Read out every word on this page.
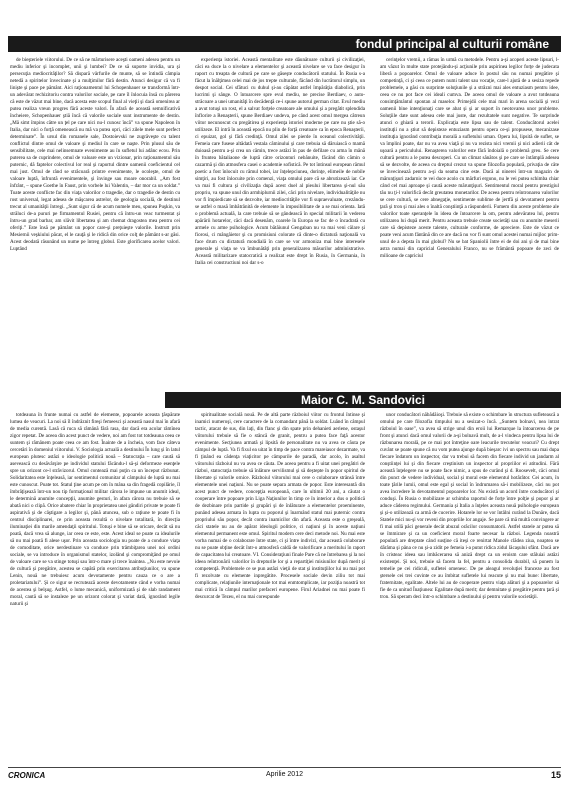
fondul principal al culturii române

de bieşteriele viitorului. De ce să ne mărturisere aceşti oameni adesea pentru un mediu inferior şi incomplet, unii şi lumbei? De ce să suporte invidia, ura şi persecuţia mediocrităţilor? Să dispară vârfurile de munte, să se întindă câmpia netedă a spiritelor învecinate şi a mulţimilor fără destin. Atunci desigur că va fi linişte şi pace pe pământ. Aici raţionamentul lui Schopenhauer se transformă într-un adevărat rechizitoriu contra valorilor sociale, pe care îl înlocuia însă cu părerea că este de văzut mai bine, dacă acesta este scopul final al vieţii şi dacă omenirea ar putea realiza vreun progres fără aceste valori. În afară de această semnificativă încheiere, Schopenhauer ştiă încă că valorile sociale sunt instrumente de destin. „Mă simt împins către un ţel pe care nici nu-l cunosc încă” va spune Napoleon în Italia, dar nici o forţă omenească nu mă va putea opri, căci zilele mele sunt perfect determinate”. În ursul din romanele sale, Dostoievski ne zugrăveşte cu talent conflictul dintre omul de valoare şi mediul în care se naşte. Prin plusul său de sensibilitate, cele mai nelinsemnate evenimente au în sufletul lui adânc ecou. Prin puterea sa de cuprindere, omul de valoare este un vizionar, prin raţionamentul său puternic, dă faptelor colectivul lor real şi raportul dintre oamenii coeficientul cel mai just. Omul de rând se străcoară printre evenimente, le ocoleşte, omul de valoare luptă, înfruntă evenimentele, şi învinge sau moare onorabil. „Am fost înfrânt, – spune Goethe în Faust, prin vorbele lui Valentin, – dar mor ca un soldat.” Toate aceste conflicte fac din viaţa valorilor o tragedie, dar o tragedie de destin cu rost universal, legat adesea de măşcarea astrelor, de geologia socială, de destinul trecut al umanităţii întregi. „Sunt sigur că de acum numele meu, spunea Puşkin, va străluci de-a pururi pe firmamentul Rusiei, pentru că întru-un veac turmentat şi întru-un grad barbar, am slăvit libertatea şi am chemat dragostea mea pentru cei oferiţi.” Este însă pe pământ un popor care-şi preţuieşte valorile. Instrutt prin Mesiernii veşkiului păcat, el le cauţă şi le ridică din orice colţ de pământ s-ar găsi. Acest deodată răsunând un nume pe întreg globul. Este glorificarea acelor valori. Luptând

experienţa istoriei. Această mentalitate este dăunătoare culturii şi civilizaţiei, căci ea duce la o nivelare a elementelor şi această nivelare se va face desigur în raport cu treapta de cultură pe care se găseşte conducătorii statului. În Rusia s-a făcut la înălţimea celei mai de jos trepte culturale, făcând din lucrătorul simplu, un despot social. Cei sfătuci cu duhul şi-au căpătat astfel împărăţia diabolică, prin lucrimi şi sânge. O întoarcere spre evul mediu, ne precise Berdiaev, o auto-străcoare a unei umanităţi în decădenţă ce-i spune autorul german citat. Evul mediu a avut totuşi un rost, el a salvat forţele creatoare ale omului şi a pregătit splendida înflorire a Renaşterii, spune Berdiaev undeva, pe când acest omul mergea cătreun viitor necunoscut cu pregătirea şi experienţa istoriei moderne pe care nu ştie să-o utilizeze. El intră în această epocă nu plin de forţă creatoare ca în epoca Renaşterii, ci epuizat, gol şi fără credinţă. Omul zilei se pierde în oceanul colectivităţii. Femeia care fusese altădată vestala căminului şi care trebuia să dăruiască o mamă duioasă pentru a-şi crea un cămin, trece astăzi în pas de defilare cu arma în mână în fruntea bătaliaone de luptă către orizonturi nebănuite, făcând din cămin o cazarmă şi din atmosfera casei o academie sofistică. Pe tot întinsul european rămul poetic a fost înlocuit cu rămul tobei, iar înţelepciunea, dorinţe, elimeile de nobile simţiri, au fost înlocuite prin comenzi, viaţa omului pare că se abrutizează iar. Ce va mai fi cultura şi civilizaţia după acest duel al pieului libertarea şi-nul său propriu, va spune unul din armhiplurnii zilei, căci prin nivelare, individualităţile nu vor fi împiedicate să se dezvolte, iar mediocrităţile vor fi supraevaluate, crezându-se astfel o masă îmbătrânită de elemente în imposibilitate de a se mai orienta. Iată o problemă actuală, la care trebuie să se gândească în special militarii în vederea apărării hotarelor, căci dacă desenăm, coarele în Europa se fac de o încadrată cu armele cu arme psihologice. Acum bătăiunul Gengaban nu va mai veni călare şi fiorosi, ci mângâietor şi cu promisiuni colorate că dinte-o dictatură naţională va face drum cu dictatură mondială în care se vor armoniza mai bine interesele generale şi viaţa se va îmbunătăţi prin generalizarea măsurilor administrative. Această militarizare statocratică a realizat este drept în Rusia, în Germania, în Italia cei constructiuni noi dar s-o

cerinţelor vremii, a rămas în urmă cu metodele. Pentru a-şi acoperi aceste lipsuri, l-am văzut în multe state protejându-şi acţiunile prin aspirinea legilor forţe de judecata liberă a popoarelor. Omul de valoare aduce în postul său nu numai pregătire şi competinţă, ci şi ceea ce putem numi talent sau vocaţie, care-l ajută de a sesiza repede problemele, a găsi cu surprinte soluţiunile şi a străzni mai ales entuziasm pentru idee, ceea ce nu pot face cei ideali cumva. De aceea omul de valoare a avut totdeauna consimţământul spontan al maselor. Primejdii cele mai mari în arena socială şi vezi oamenii bine intenţionaţi care se abat şi şi ar suport în neotovarea unor probleme. Soluţiile date sunt adesea cele mai juste, dar rezultatele sunt negative. Te surprinde atunci o ghiară a terorii. Explicaţia este lipsa sau de talent. Conducătorul acelei instituţii nu a ştiut să depisteze entuziasm pentru opera ce-şi propusese, mecanizase instituţia ignorând contribuţia morală a sufletului uman. Opera lui, lipsită de suflet, se va împlini poate, dar nu va avea viaţă şi nu va rezista nici vremii şi nici adierii cât de uşoară a periculului. Renaşterea valorilor este fără îndoială o problemă greu. Se cere cultură pentru a le putea descoperi. Cu un climat sănătos şi pe care se întâmplă adesea să se dezvolte, de aceea cu dreptul crezut va spune filozofia populară, privaţia de câte se învecinează pentru a-şi da seama cine este. Dacă ai ninerei într-un magazin de mărunţişuri zadarnic te vei duce acolo cu mărfuri ergono, nu le vei putea schimba chiar când cel mai aproape şi caută aceste mărunţişuri. Sentimentul moral pentru prestigiul tău nu ţi-l valorifică decât greutatea monetarilor. De aceea pentru reîntronarea valorilor se cere cultură, se cere abnegaţie, sentimente sublime de jertfă şi devotament pentru ţară şi tron şi mai ales o înaltă conştiinţă a răspunderii. Fumem din aceste probleme ale valorilor toate speranţele în ideea de întoarcere la om, pentru adevăratea lui, pentru utilizarea lui după merit. Pentru aceasta trebuie create societăţi sau cu anumite meserii care să depisteze aceste talente, culturale conforme, de apreciere. Este de văzut ce poate veni acum fântână din ce are dacă nu vor fi sunt omul acestei numai mijloc prim-unul de a depsta în mai globul? Nu se bat Spaniolii între ei de doi ani şi de mai bine astra numai din capricial Generalului Franco, nu se frământă popoare de zeci de milioane de capriciul

Maior C. M. Sandovici

totdeauna în frunte numai cu astfel de elemente, popoarele aceasta ţăspărate lumea de veacuri. La noi să îl îndrăznit fireşi femeesci şi această nasul mai în afară de media curentă. Lasă că ruca să rămână fără rasa, dar dacă era acolar rămînea zigor repetat. De aceea din acest punct de vedere, noi am fost tot totdeauna ceea ce suntem şi rămânem poate ceea ce am fost. Înainte de a încheia, vom face câteva cercetări în domeniul viitorului. V. Sociologia actuală a destinului În lung şi în latul european plutesc astăzi o ideologie politică nouă – Statocraţia – care caută să asevească cu desăvârşire pe individul statului făcându-l să-şi deformeze esenţele spre un orizont ce-l străvizorul. Omul contează mai puţin ca un început răzbunat. Solidaritatea este înţeleasă, iar sentimentul comunitar al câmpului de luptă nu mai este cunoscut. Poate tot. Statul ţine acum pe om în mâna sa din fragedă copilărie, îl îmbrăţişează într-un nou tip formaţional militar cărora le impune un anumit ideal, le determină anumite concepţii, anumite gesturi, în afara cărora nu trebuie să se abată nici o clipă. Orice abatere chiar în proprietatea unei gândiri private te poate fi aspirativă şi de câştigare a legilor şi, până atuncea, sub o raţiune te poate fi în centrul disciplinarei, ce prin aceasta rezultă o nivelare totalitară, în direcţia iluminaţiei din marile amendaţii spiritului. Totuşi e bine să se oricare, decât să nu poată, dacă vrea să alunge, iar ceea ce este, este. Acest ideal se poate ca idealurile să nu mai poată fi alese uşor. Prin aceasta sociologia nu poate de a conduce viaţa de comoditate, orice nerdestinare va conduce prin trâmbiţarea unei noi ordini sociale, se va introduce în organismul statelor, izolând şi compromiţând pe omul de valoare care se va stinge totuşi sau într-o mare şi trece înaintea. „Nu este nevoie de cultură şi pregătire, acestea se capătă prin exercitarea atribuţiunilor, va spune Lenin, nouă ne trebuiesc acum devotamente pentru cauza ce o are a proletariatului”. Şi ce sigur se recrutează aceste devotamente când e vorba numai de acestea şi belşug. Astfel, o lume mecanică, uniformizată şi de slab randament moral, caută să se instaleze pe un orizont colorat şi variat dată, ignorând legile naturii şi

spiritualitate socială nouă. Pe de altă parte războiul viitor cu frontul întinse şi inamici numeroşi, cere caractere de la comandant până la soldat. Luând în câmpul tactic, atacat de sus, din laţi, din flanc şi din spate prin dehanieti aeriene, ostaşul viitorului trebuie să fie o stâncă de granit, pentru a putea face faţă acestor evenimente. Secţiunea armată şi lipsită de personalitate nu va avea ce căuta pe câmpul de luptă. Va fi fixul ea uitat în timp de pace contra mareiasor dezarmate, va fi ţinând ea cădenţa viaţicitor pe câmpurile de paradă, dar acolo, în asaltul viitorului războiul nu va avea ce căuta. De aceea pentru a fi uitat unei pregătiri de război, statocraţia trebuie să înlăture servilismul şi să deştepte în popor spiritul de libertate şi valorile ornice. Războiul viitorului mai cere o colaborare strânsă între elementele unei naţiuni. Nu se poate separa armata de popor. Este interesantă din acest punct de vedere, concepţia europeană, care în ultimii 20 ani, a căutat o cooperare între popoare prin Liga Naţiunilor în timp ce în interior a dus o politică de dezbinare prin partide şi grupări şi de înlăturare a elementelor proeminente, punând adesea armata în lupta cu poporul şi înarmând statul mai puternic contra propriului său popor, decât contra inamicilor din afară. Aceasta este o greşeală, căci statele nu au de apărat ideologii politice, ci naţiuni şi în aceste naţiuni elementul permanent este omul. Spiritul modern cere deci metode noi. Nu mai este vorba numai de o colaborare între state, ci şi între indivizi, dar această colaborare nu se poate obţine decât într-o atmosferă caldă de valorificare a meritului în raport de capacitatea lui creatoare. VI. Consideraţiuni finale Pare că ne întrebarea şi la noi ideea reîntronării valorilor în drepturile lor şi a repartiţiei misiunilor după merit şi competenţă. Problemele ce se pun astăzi vieţii de stat şi instituţiilor lui nu mai pot fi rezolvate cu elemente inpregătite. Procesele sociale devin ziliu tot mai complicate, relaţiunile internaţionale tot mai enmtomplicate, iar poziţia noastră tot mai critică în câmpul marilor prefaceri europene. Firul Ariadnei nu mai poate fi descurcat de Tezeu, el nu mai corespunde

unor conducători năbădăioşi. Trebuie să existe o schimbare în structura sufletească a omului pe care filozofia timpului nu a sesizat-o încă. „Suntem bolnavi, nea intrat războiul în oase”, va avea să strige unul din eroii lui Remarque la întoarcerea de pe front şi atunci dacă omul valorii de a-şi bolnavă mult, de a-l vindeca pentru lipsa lui de răzbunarea morală, pe ce mai pot întreţine oare leacurile trecutelor veacuri? Cu drept cuvânt se poate spune că nu vom putea ajunge după bieşarc ivi un spectru sau mai dupa fiecare îndatom un inspector, dar va trebui să facem din fiecare individ un jandarm al conştiinţei lui şi din fiecare creştinism un inspector al propriilor ei atitudini. Fără această înţelegere nu se poate face nimic, a spus de curând şi d. Roosevelt, căci omul din punct de vedere individual, social şi moral este elementul hotărâtor. Cei acum, în toate ţările lumii, omul este egal şi social în îndrumarea să-i mobilizeze, căci nu pot avea încredere în devotamentul popoarelor lor. Nu există un acord între conducători şi conduşi. În Rusia o mobilizare ar schimba raportul de forţe între polţie şi popor şi ar aduce căderea regimului. Germania şi Italia a înţeles aceasta nouă psihologie european şi şi-o utilizează ca armă de cucerire. Hotarele lor se vor întâlni curând la Dunăre, dacă Statele mici nu-şi vor reveni din propriile lor angaje. Se pare că mă multă convingere ar fi mai utilă pâci generale decât abuzul orăcilor consumatorii. Astfel statele ar putea să se îmmirare şi ca un coeficient moral foarte necesar la război. Legenda noastră populară are dreptate când susţine că iteşi ce renirtat Manole clădea ziua, noaptea se dărâma şi pâna ce nu şi-a zidit pe femeia i-a putut ridica zidul lăcaşului sfânt. Dacă are în cristeac ideea sau imbăcerarea să aniză drept ca un eroism care stăluiai astăzi existenţei. Şi noi, trebuie să facem la fel, pentru a consolida durabil, să punem la temelie pe cei ridiculi, sufletei omenesc. De pe aleagul revoluţiei franceze au fost ştersele cei trei cuvinte ce au îmbitat sufletele lui reacute şi nu mai bune: libertate, fraternitate, egalitate. Altele lui au de cooperare pentru viaţa alături şi a popoarelor să fie de ca unitud Înaţiunea: Egalitate după merit; dar demnitate şi pregătire pentru ţară şi tron. Să speram deci într-o schimbare a destinului şi pentru valorile societăţii.

CRONICA	Aprilie 2012	15
